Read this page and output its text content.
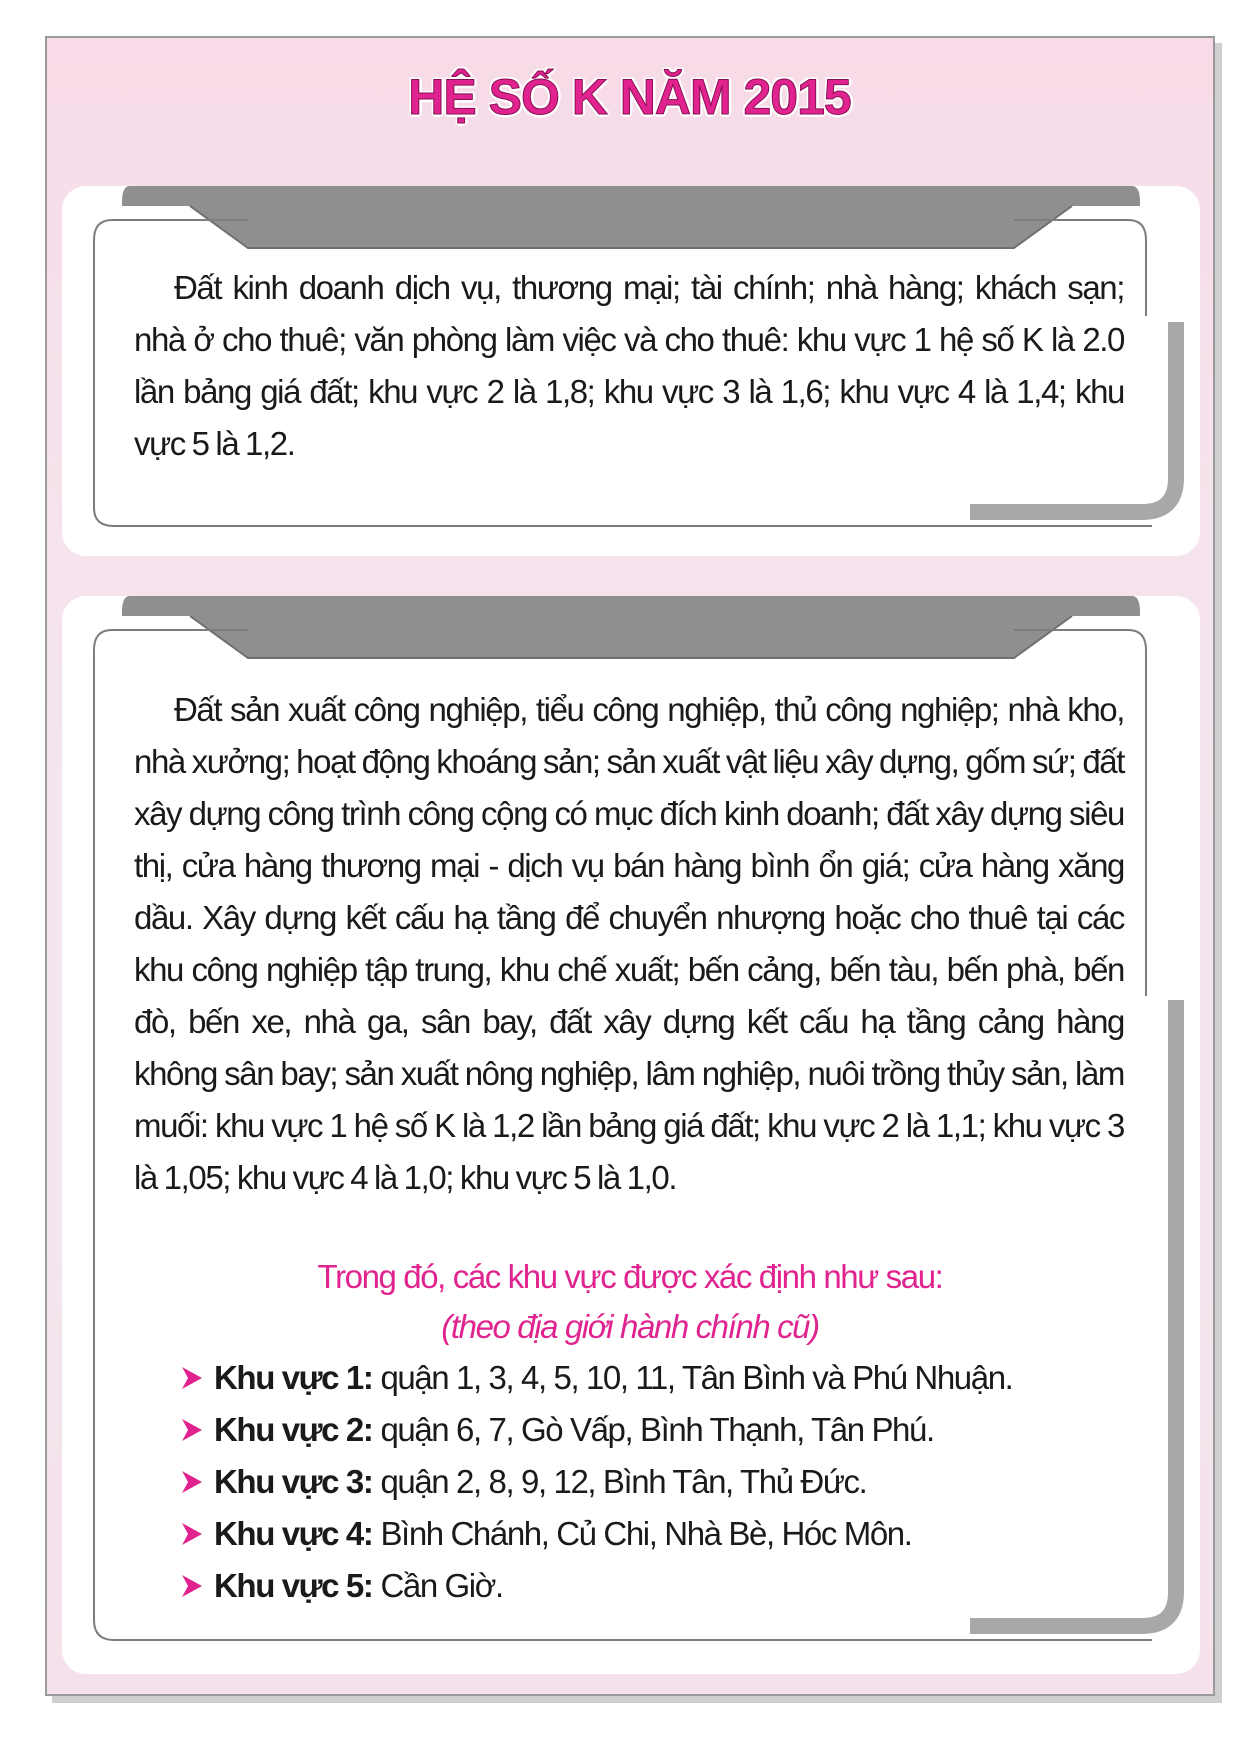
HỆ SỐ K NĂM 2015

Đất kinh doanh dịch vụ, thương mại; tài chính; nhà hàng; khách sạn; nhà ở cho thuê; văn phòng làm việc và cho thuê: khu vực 1 hệ số K là 2.0 lần bảng giá đất; khu vực 2 là 1,8; khu vực 3 là 1,6; khu vực 4 là 1,4; khu vực 5 là 1,2.

Đất sản xuất công nghiệp, tiểu công nghiệp, thủ công nghiệp; nhà kho, nhà xưởng; hoạt động khoáng sản; sản xuất vật liệu xây dựng, gốm sứ; đất xây dựng công trình công cộng có mục đích kinh doanh; đất xây dựng siêu thị, cửa hàng thương mại - dịch vụ bán hàng bình ổn giá; cửa hàng xăng dầu. Xây dựng kết cấu hạ tầng để chuyển nhượng hoặc cho thuê tại các khu công nghiệp tập trung, khu chế xuất; bến cảng, bến tàu, bến phà, bến đò, bến xe, nhà ga, sân bay, đất xây dựng kết cấu hạ tầng cảng hàng không sân bay; sản xuất nông nghiệp, lâm nghiệp, nuôi trồng thủy sản, làm muối: khu vực 1 hệ số K là 1,2 lần bảng giá đất; khu vực 2 là 1,1; khu vực 3 là 1,05; khu vực 4 là 1,0; khu vực 5 là 1,0.

Trong đó, các khu vực được xác định như sau:
(theo địa giới hành chính cũ)
Khu vực 1: quận 1, 3, 4, 5, 10, 11, Tân Bình và Phú Nhuận.
Khu vực 2: quận 6, 7, Gò Vấp, Bình Thạnh, Tân Phú.
Khu vực 3: quận 2, 8, 9, 12, Bình Tân, Thủ Đức.
Khu vực 4: Bình Chánh, Củ Chi, Nhà Bè, Hóc Môn.
Khu vực 5: Cần Giờ.
